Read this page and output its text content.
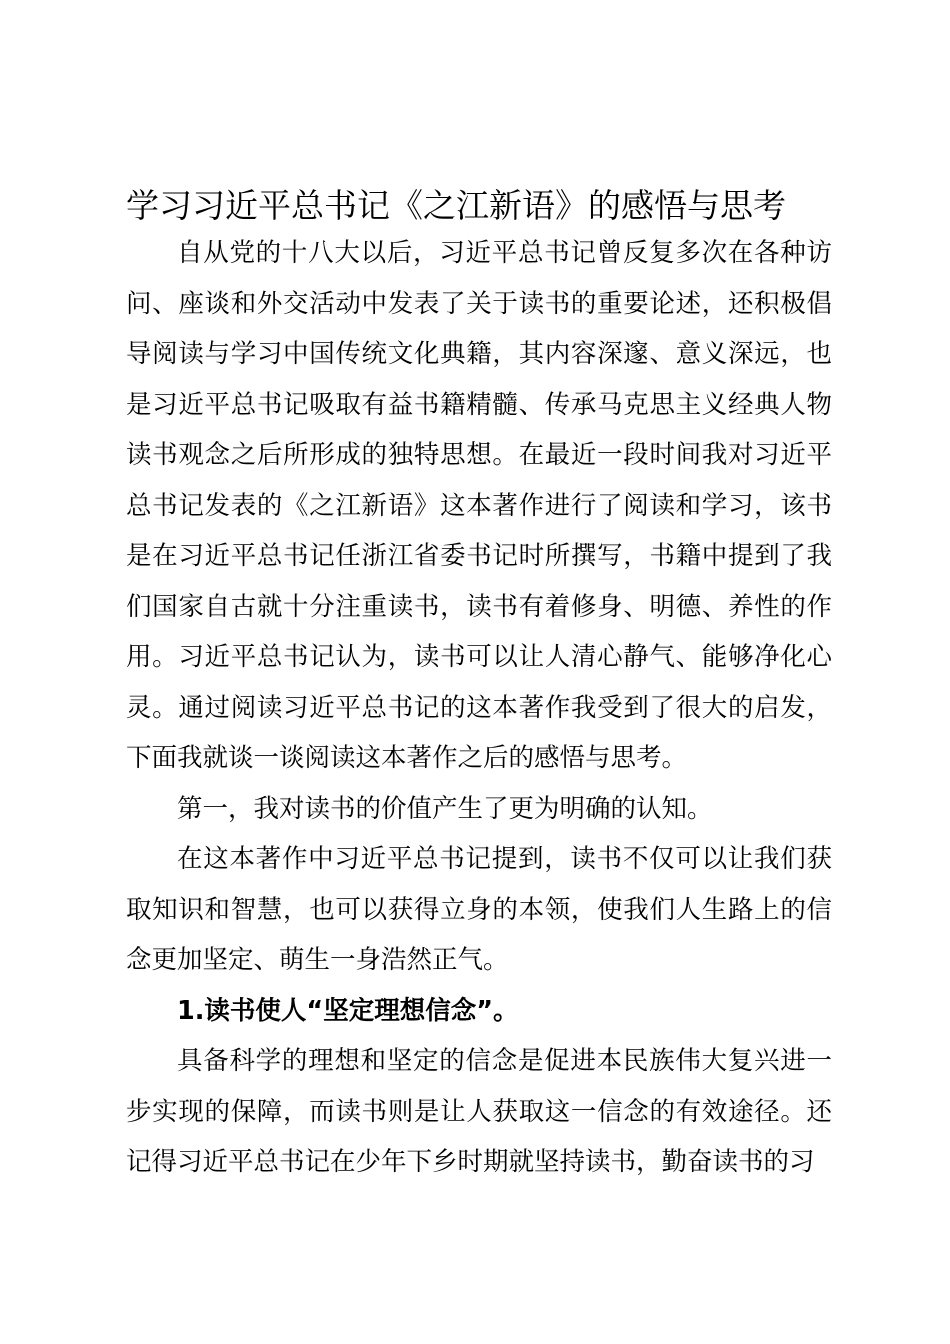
学习习近平总书记《之江新语》的感悟与思考

自从党的十八大以后，习近平总书记曾反复多次在各种访问、座谈和外交活动中发表了关于读书的重要论述，还积极倡导阅读与学习中国传统文化典籍，其内容深邃、意义深远，也是习近平总书记吸取有益书籍精髓、传承马克思主义经典人物读书观念之后所形成的独特思想。在最近一段时间我对习近平总书记发表的《之江新语》这本著作进行了阅读和学习，该书是在习近平总书记任浙江省委书记时所撰写，书籍中提到了我们国家自古就十分注重读书，读书有着修身、明德、养性的作用。习近平总书记认为，读书可以让人清心静气、能够净化心灵。通过阅读习近平总书记的这本著作我受到了很大的启发，下面我就谈一谈阅读这本著作之后的感悟与思考。

第一，我对读书的价值产生了更为明确的认知。

在这本著作中习近平总书记提到，读书不仅可以让我们获取知识和智慧，也可以获得立身的本领，使我们人生路上的信念更加坚定、萌生一身浩然正气。

1.读书使人“坚定理想信念”。

具备科学的理想和坚定的信念是促进本民族伟大复兴进一步实现的保障，而读书则是让人获取这一信念的有效途径。还记得习近平总书记在少年下乡时期就坚持读书，勤奋读书的习
